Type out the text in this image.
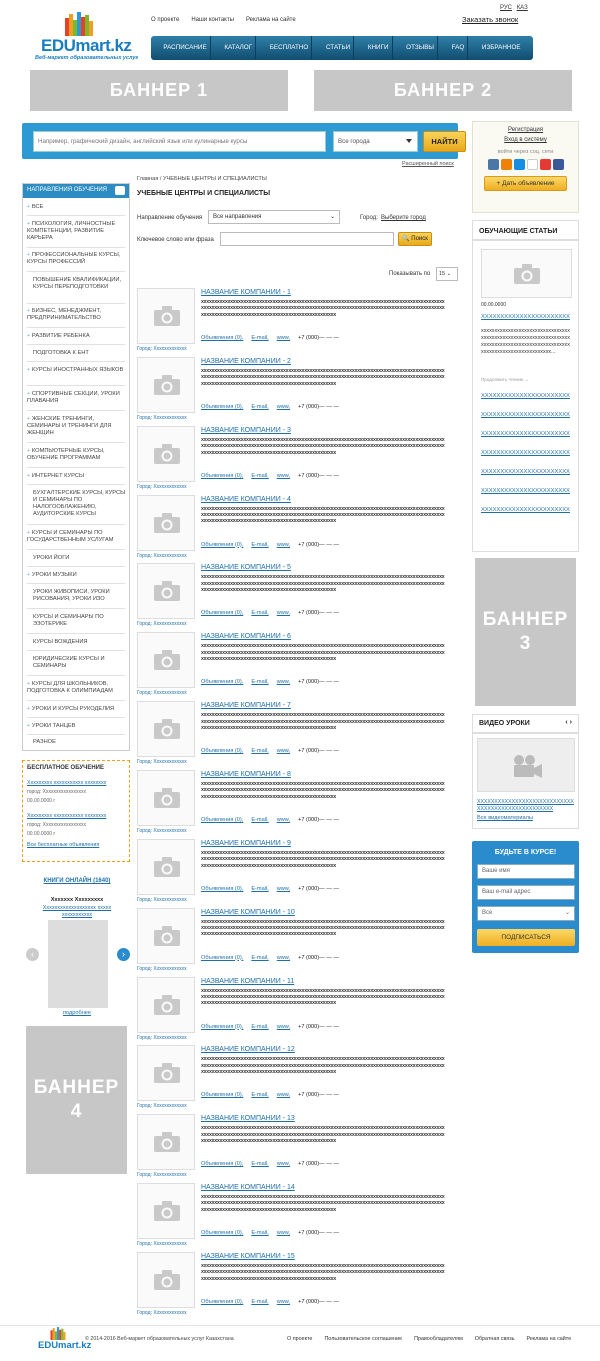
EDUmart.kz
Веб-маркет образовательных услуг
О проекте Наши контакты Реклама на сайте
РУС КАЗ
Заказать звонок
РАСПИСАНИЕ	КАТАЛОГ	БЕСПЛАТНО	СТАТЬИ	КНИГИ	ОТЗЫВЫ	FAQ	ИЗБРАННОЕ
БАННЕР 1	БАННЕР 2
Например, графический дизайн, английский язык или кулинарные курсы	Все города	НАЙТИ
Расширенный поиск
НАПРАВЛЕНИЯ ОБУЧЕНИЯ
+ ВСЕ
+ ПСИХОЛОГИЯ, ЛИЧНОСТНЫЕ КОМПЕТЕНЦИИ, РАЗВИТИЕ КАРЬЕРА
+ ПРОФЕССИОНАЛЬНЫЕ КУРСЫ, КУРСЫ ПРОФЕССИЙ
ПОВЫШЕНИЕ КВАЛИФИКАЦИИ, КУРСЫ ПЕРЕПОДГОТОВКИ
+ БИЗНЕС, МЕНЕДЖМЕНТ, ПРЕДПРИНИМАТЕЛЬСТВО
+ РАЗВИТИЕ РЕБЕНКА
ПОДГОТОВКА К ЕНТ
+ КУРСЫ ИНОСТРАННЫХ ЯЗЫКОВ
+ СПОРТИВНЫЕ СЕКЦИИ, УРОКИ ПЛАВАНИЯ
+ ЖЕНСКИЕ ТРЕНИНГИ, СЕМИНАРЫ И ТРЕНИНГИ ДЛЯ ЖЕНЩИН
+ КОМПЬЮТЕРНЫЕ КУРСЫ, ОБУЧЕНИЕ ПРОГРАММАМ
+ ИНТЕРНЕТ КУРСЫ
БУХГАЛТЕРСКИЕ КУРСЫ, КУРСЫ И СЕМИНАРЫ ПО НАЛОГООБЛАЖЕНИЮ, АУДИТОРСКИЕ КУРСЫ
+ КУРСЫ И СЕМИНАРЫ ПО ГОСУДАРСТВЕННЫМ УСЛУГАМ
УРОКИ ЙОГИ
+ УРОКИ МУЗЫКИ
УРОКИ ЖИВОПИСИ, УРОКИ РИСОВАНИЯ, УРОКИ ИЗО
КУРСЫ И СЕМИНАРЫ ПО ЭЗОТЕРИКЕ
КУРСЫ ВОЖДЕНИЯ
ЮРИДИЧЕСКИЕ КУРСЫ И СЕМИНАРЫ
+ КУРСЫ ДЛЯ ШКОЛЬНИКОВ, ПОДГОТОВКА К ОЛИМПИАДАМ
+ УРОКИ И КУРСЫ РУКОДЕЛИЯ
+ УРОКИ ТАНЦЕВ
РАЗНОЕ
БЕСПЛАТНОЕ ОБУЧЕНИЕ
Хxxxxxxxx xxxxxxxxxxx xxxxxxxx
город: Хxxxxxxxxxxxxxxxx
00.00.0000 г
Хxxxxxxxx xxxxxxxxxxx xxxxxxxx
город: Хxxxxxxxxxxxxxxxx
00.00.0000 г
Все бесплатные объявления
КНИГИ ОНЛАЙН (1640)
Хxxxxxx Хxxxxxxxx
Хxxxxxxxxxxxxxxxxxx xxxxxxxxxxxxxxxx
‹	›
подробнее
БАННЕР 4
Главная / УЧЕБНЫЕ ЦЕНТРЫ И СПЕЦИАЛИСТЫ
УЧЕБНЫЕ ЦЕНТРЫ И СПЕЦИАЛИСТЫ
Направление обучения	Все направления	⌄	Город: Выберите город
Ключевое слово или фраза	🔍 Поиск
Показывать по	15 ⌄
Город: Хxxxxxxxxxxxx
НАЗВАНИЕ КОМПАНИИ - 1
xxxxxxxxxxxxxxxxxxxxxxxxxxxxxxxxxxxxxxxxxxxxxxxxxxxxxxxxxxxxxxxxxxxxxxxxxxxxxxxxxxxxxxxxxxxxxxxxxxxxxxxxxxxxxxxxxxxxxxxxxxxxxxxxxxxxxxxxxxxxxxxxxxxxxxxxxxxxxxxxxxxxxxxxxxxxxxxxxxxxxxxxxxxxxxxxxxxxxxxxxxxxxxxxxxxxxxxxxxxxxxxxxxxxxxxxxxx
Объявления (0), E-mail, www, +7 (000)— — —
Город: Хxxxxxxxxxxxx
НАЗВАНИЕ КОМПАНИИ - 2
xxxxxxxxxxxxxxxxxxxxxxxxxxxxxxxxxxxxxxxxxxxxxxxxxxxxxxxxxxxxxxxxxxxxxxxxxxxxxxxxxxxxxxxxxxxxxxxxxxxxxxxxxxxxxxxxxxxxxxxxxxxxxxxxxxxxxxxxxxxxxxxxxxxxxxxxxxxxxxxxxxxxxxxxxxxxxxxxxxxxxxxxxxxxxxxxxxxxxxxxxxxxxxxxxxxxxxxxxxxxxxxxxxxxxxxxxxx
Объявления (0), E-mail, www, +7 (000)— — —
Город: Хxxxxxxxxxxxx
НАЗВАНИЕ КОМПАНИИ - 3
xxxxxxxxxxxxxxxxxxxxxxxxxxxxxxxxxxxxxxxxxxxxxxxxxxxxxxxxxxxxxxxxxxxxxxxxxxxxxxxxxxxxxxxxxxxxxxxxxxxxxxxxxxxxxxxxxxxxxxxxxxxxxxxxxxxxxxxxxxxxxxxxxxxxxxxxxxxxxxxxxxxxxxxxxxxxxxxxxxxxxxxxxxxxxxxxxxxxxxxxxxxxxxxxxxxxxxxxxxxxxxxxxxxxxxxxxxx
Объявления (0), E-mail, www, +7 (000)— — —
Город: Хxxxxxxxxxxxx
НАЗВАНИЕ КОМПАНИИ - 4
xxxxxxxxxxxxxxxxxxxxxxxxxxxxxxxxxxxxxxxxxxxxxxxxxxxxxxxxxxxxxxxxxxxxxxxxxxxxxxxxxxxxxxxxxxxxxxxxxxxxxxxxxxxxxxxxxxxxxxxxxxxxxxxxxxxxxxxxxxxxxxxxxxxxxxxxxxxxxxxxxxxxxxxxxxxxxxxxxxxxxxxxxxxxxxxxxxxxxxxxxxxxxxxxxxxxxxxxxxxxxxxxxxxxxxxxxxx
Объявления (0), E-mail, www, +7 (000)— — —
Город: Хxxxxxxxxxxxx
НАЗВАНИЕ КОМПАНИИ - 5
xxxxxxxxxxxxxxxxxxxxxxxxxxxxxxxxxxxxxxxxxxxxxxxxxxxxxxxxxxxxxxxxxxxxxxxxxxxxxxxxxxxxxxxxxxxxxxxxxxxxxxxxxxxxxxxxxxxxxxxxxxxxxxxxxxxxxxxxxxxxxxxxxxxxxxxxxxxxxxxxxxxxxxxxxxxxxxxxxxxxxxxxxxxxxxxxxxxxxxxxxxxxxxxxxxxxxxxxxxxxxxxxxxxxxxxxxxx
Объявления (0), E-mail, www, +7 (000)— — —
Город: Хxxxxxxxxxxxx
НАЗВАНИЕ КОМПАНИИ - 6
xxxxxxxxxxxxxxxxxxxxxxxxxxxxxxxxxxxxxxxxxxxxxxxxxxxxxxxxxxxxxxxxxxxxxxxxxxxxxxxxxxxxxxxxxxxxxxxxxxxxxxxxxxxxxxxxxxxxxxxxxxxxxxxxxxxxxxxxxxxxxxxxxxxxxxxxxxxxxxxxxxxxxxxxxxxxxxxxxxxxxxxxxxxxxxxxxxxxxxxxxxxxxxxxxxxxxxxxxxxxxxxxxxxxxxxxxxx
Объявления (0), E-mail, www, +7 (000)— — —
Город: Хxxxxxxxxxxxx
НАЗВАНИЕ КОМПАНИИ - 7
xxxxxxxxxxxxxxxxxxxxxxxxxxxxxxxxxxxxxxxxxxxxxxxxxxxxxxxxxxxxxxxxxxxxxxxxxxxxxxxxxxxxxxxxxxxxxxxxxxxxxxxxxxxxxxxxxxxxxxxxxxxxxxxxxxxxxxxxxxxxxxxxxxxxxxxxxxxxxxxxxxxxxxxxxxxxxxxxxxxxxxxxxxxxxxxxxxxxxxxxxxxxxxxxxxxxxxxxxxxxxxxxxxxxxxxxxxx
Объявления (0), E-mail, www, +7 (000)— — —
Город: Хxxxxxxxxxxxx
НАЗВАНИЕ КОМПАНИИ - 8
xxxxxxxxxxxxxxxxxxxxxxxxxxxxxxxxxxxxxxxxxxxxxxxxxxxxxxxxxxxxxxxxxxxxxxxxxxxxxxxxxxxxxxxxxxxxxxxxxxxxxxxxxxxxxxxxxxxxxxxxxxxxxxxxxxxxxxxxxxxxxxxxxxxxxxxxxxxxxxxxxxxxxxxxxxxxxxxxxxxxxxxxxxxxxxxxxxxxxxxxxxxxxxxxxxxxxxxxxxxxxxxxxxxxxxxxxxx
Объявления (0), E-mail, www, +7 (000)— — —
Город: Хxxxxxxxxxxxx
НАЗВАНИЕ КОМПАНИИ - 9
xxxxxxxxxxxxxxxxxxxxxxxxxxxxxxxxxxxxxxxxxxxxxxxxxxxxxxxxxxxxxxxxxxxxxxxxxxxxxxxxxxxxxxxxxxxxxxxxxxxxxxxxxxxxxxxxxxxxxxxxxxxxxxxxxxxxxxxxxxxxxxxxxxxxxxxxxxxxxxxxxxxxxxxxxxxxxxxxxxxxxxxxxxxxxxxxxxxxxxxxxxxxxxxxxxxxxxxxxxxxxxxxxxxxxxxxxxx
Объявления (0), E-mail, www, +7 (000)— — —
Город: Хxxxxxxxxxxxx
НАЗВАНИЕ КОМПАНИИ - 10
xxxxxxxxxxxxxxxxxxxxxxxxxxxxxxxxxxxxxxxxxxxxxxxxxxxxxxxxxxxxxxxxxxxxxxxxxxxxxxxxxxxxxxxxxxxxxxxxxxxxxxxxxxxxxxxxxxxxxxxxxxxxxxxxxxxxxxxxxxxxxxxxxxxxxxxxxxxxxxxxxxxxxxxxxxxxxxxxxxxxxxxxxxxxxxxxxxxxxxxxxxxxxxxxxxxxxxxxxxxxxxxxxxxxxxxxxxx
Объявления (0), E-mail, www, +7 (000)— — —
Город: Хxxxxxxxxxxxx
НАЗВАНИЕ КОМПАНИИ - 11
xxxxxxxxxxxxxxxxxxxxxxxxxxxxxxxxxxxxxxxxxxxxxxxxxxxxxxxxxxxxxxxxxxxxxxxxxxxxxxxxxxxxxxxxxxxxxxxxxxxxxxxxxxxxxxxxxxxxxxxxxxxxxxxxxxxxxxxxxxxxxxxxxxxxxxxxxxxxxxxxxxxxxxxxxxxxxxxxxxxxxxxxxxxxxxxxxxxxxxxxxxxxxxxxxxxxxxxxxxxxxxxxxxxxxxxxxxx
Объявления (0), E-mail, www, +7 (000)— — —
Город: Хxxxxxxxxxxxx
НАЗВАНИЕ КОМПАНИИ - 12
xxxxxxxxxxxxxxxxxxxxxxxxxxxxxxxxxxxxxxxxxxxxxxxxxxxxxxxxxxxxxxxxxxxxxxxxxxxxxxxxxxxxxxxxxxxxxxxxxxxxxxxxxxxxxxxxxxxxxxxxxxxxxxxxxxxxxxxxxxxxxxxxxxxxxxxxxxxxxxxxxxxxxxxxxxxxxxxxxxxxxxxxxxxxxxxxxxxxxxxxxxxxxxxxxxxxxxxxxxxxxxxxxxxxxxxxxxx
Объявления (0), E-mail, www, +7 (000)— — —
Город: Хxxxxxxxxxxxx
НАЗВАНИЕ КОМПАНИИ - 13
xxxxxxxxxxxxxxxxxxxxxxxxxxxxxxxxxxxxxxxxxxxxxxxxxxxxxxxxxxxxxxxxxxxxxxxxxxxxxxxxxxxxxxxxxxxxxxxxxxxxxxxxxxxxxxxxxxxxxxxxxxxxxxxxxxxxxxxxxxxxxxxxxxxxxxxxxxxxxxxxxxxxxxxxxxxxxxxxxxxxxxxxxxxxxxxxxxxxxxxxxxxxxxxxxxxxxxxxxxxxxxxxxxxxxxxxxxx
Объявления (0), E-mail, www, +7 (000)— — —
Город: Хxxxxxxxxxxxx
НАЗВАНИЕ КОМПАНИИ - 14
xxxxxxxxxxxxxxxxxxxxxxxxxxxxxxxxxxxxxxxxxxxxxxxxxxxxxxxxxxxxxxxxxxxxxxxxxxxxxxxxxxxxxxxxxxxxxxxxxxxxxxxxxxxxxxxxxxxxxxxxxxxxxxxxxxxxxxxxxxxxxxxxxxxxxxxxxxxxxxxxxxxxxxxxxxxxxxxxxxxxxxxxxxxxxxxxxxxxxxxxxxxxxxxxxxxxxxxxxxxxxxxxxxxxxxxxxxx
Объявления (0), E-mail, www, +7 (000)— — —
Город: Хxxxxxxxxxxxx
НАЗВАНИЕ КОМПАНИИ - 15
xxxxxxxxxxxxxxxxxxxxxxxxxxxxxxxxxxxxxxxxxxxxxxxxxxxxxxxxxxxxxxxxxxxxxxxxxxxxxxxxxxxxxxxxxxxxxxxxxxxxxxxxxxxxxxxxxxxxxxxxxxxxxxxxxxxxxxxxxxxxxxxxxxxxxxxxxxxxxxxxxxxxxxxxxxxxxxxxxxxxxxxxxxxxxxxxxxxxxxxxxxxxxxxxxxxxxxxxxxxxxxxxxxxxxxxxxxx
Объявления (0), E-mail, www, +7 (000)— — —
Регистрация
Вход в систему
войти через соц. сети
+ Дать объявление
ОБУЧАЮЩИЕ СТАТЬИ
00.00.0000
XXXXXXXXXXXXXXXXXXXXXXX
xxxxxxxxxxxxxxxxxxxxxxxxxxxxxxxxxxxxxxxxxxxxxxxxxxxxxxxxxxxxxxxxxxxxxxxxxxxxxxxxxxxxxxxxxxxxxxxxxxxxxxxxxxxxxxxxxxxxxxxxxxxxx...
Продолжить чтение →
XXXXXXXXXXXXXXXXXXXXXXX
XXXXXXXXXXXXXXXXXXXXXXX
XXXXXXXXXXXXXXXXXXXXXXX
XXXXXXXXXXXXXXXXXXXXXXX
XXXXXXXXXXXXXXXXXXXXXXX
XXXXXXXXXXXXXXXXXXXXXXX
XXXXXXXXXXXXXXXXXXXXXXX
БАННЕР 3
ВИДЕО УРОКИ	‹ ›
XXXXXXXXXXXXXXXXXXXXXXXXXXXXXXXXXXXXXXXXXXXXXXXXXX
Все видеоматериалы
БУДЬТЕ В КУРСЕ!
Ваше имя
Ваш e-mail адрес
Все	⌄
ПОДПИСАТЬСЯ
EDUmart.kz
© 2014-2016 Веб-маркет образовательных услуг Казахстана	О проекте Пользовательское соглашение Правообладателям Обратная связь Реклама на сайте
